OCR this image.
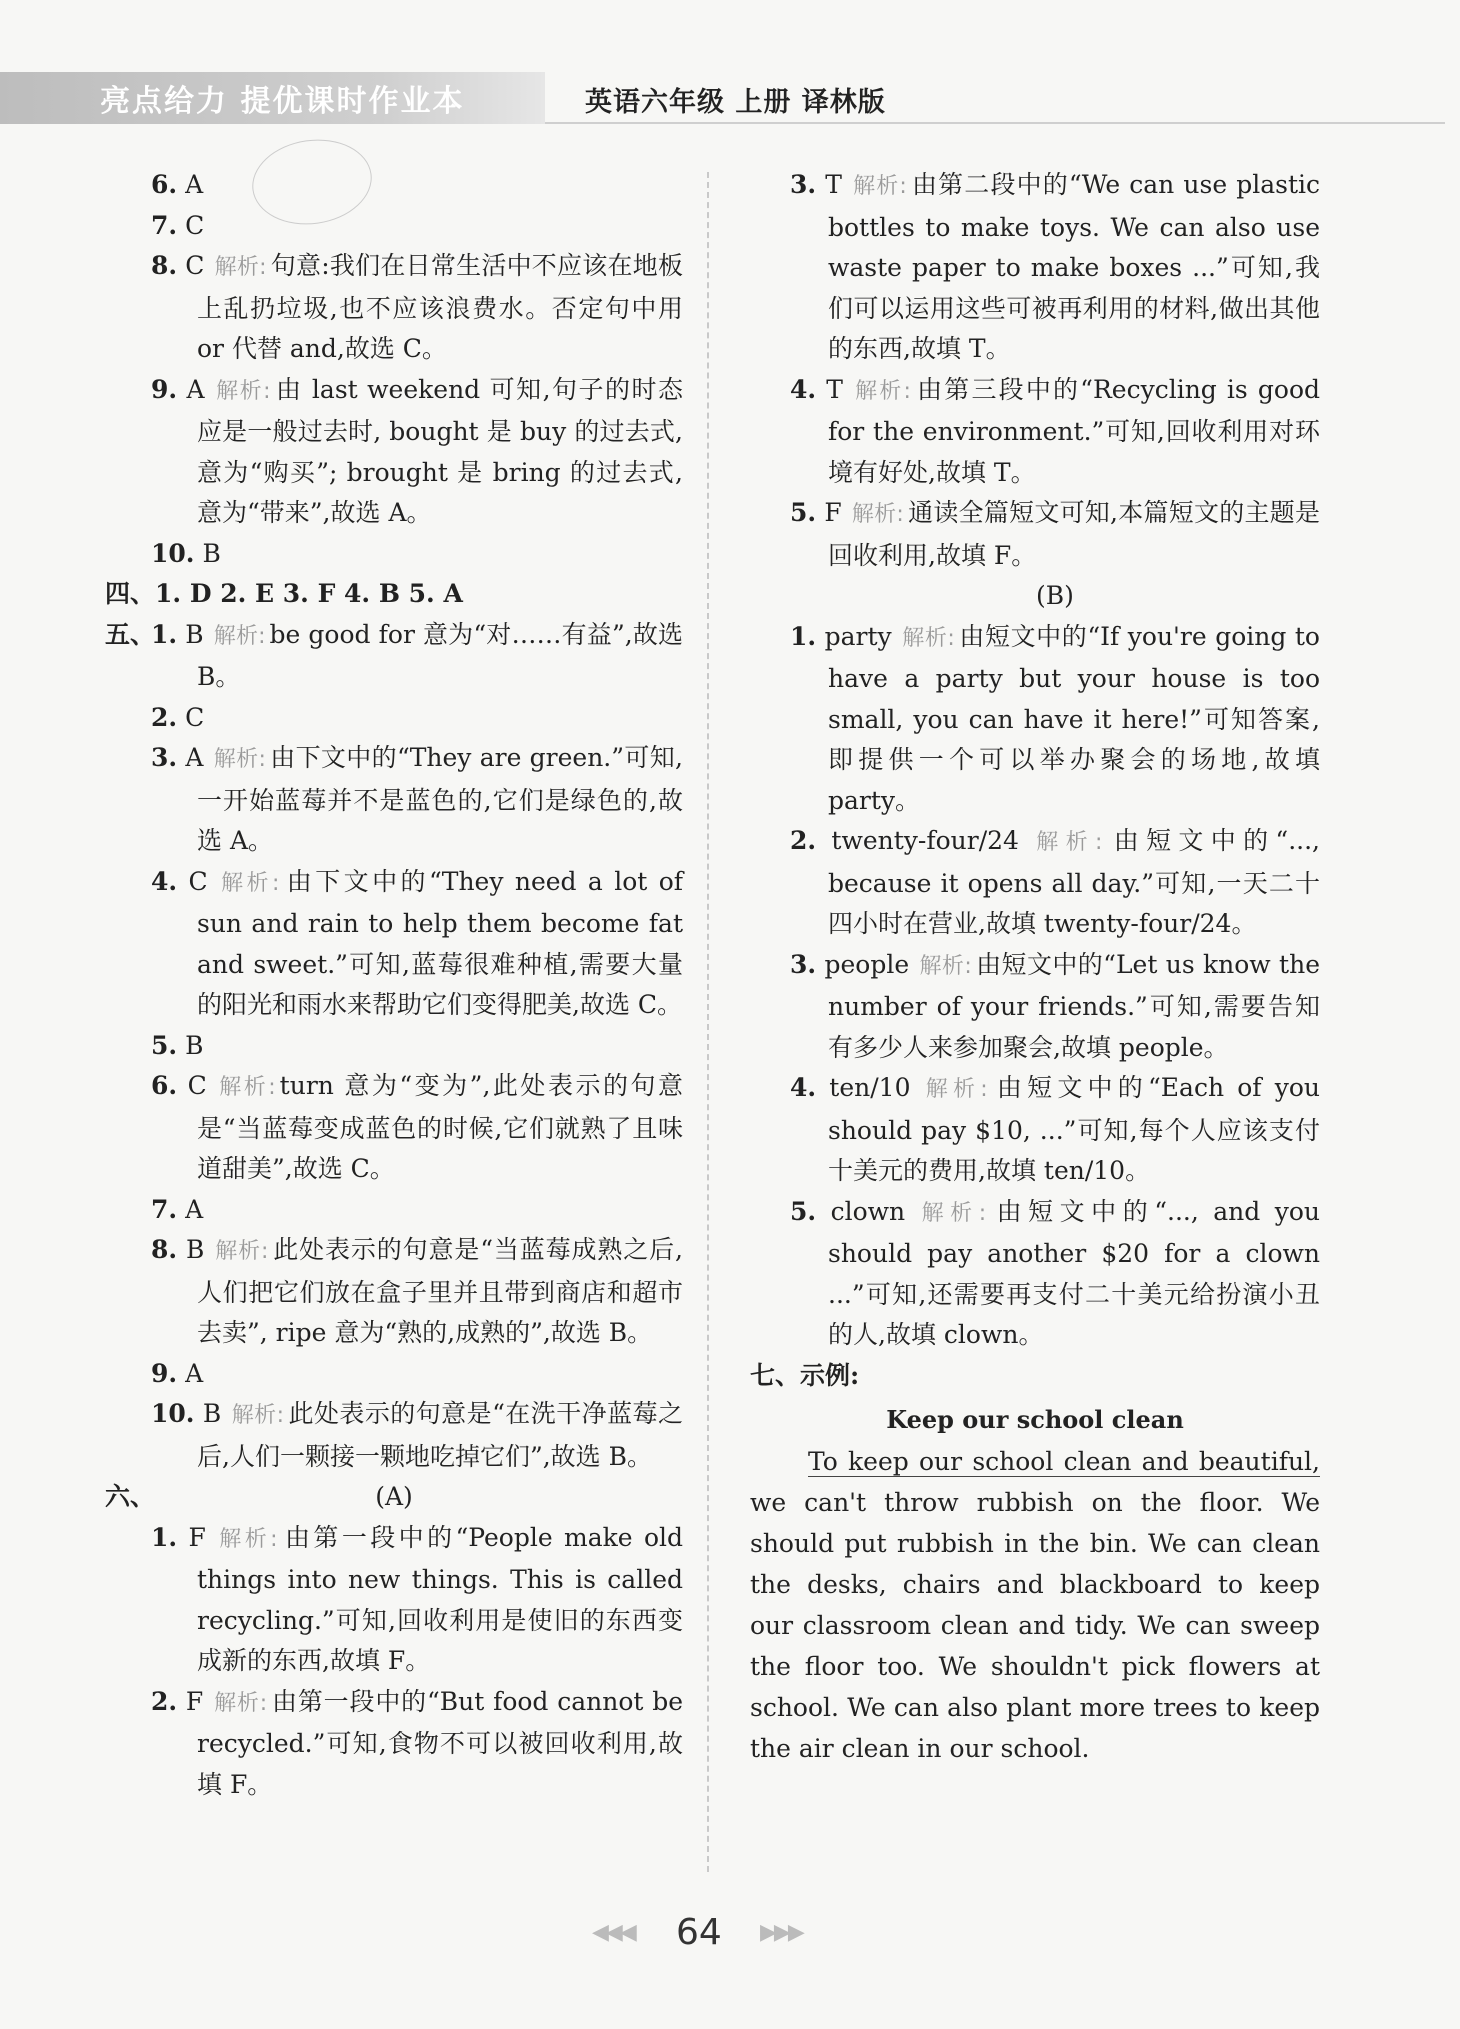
亮点给力 提优课时作业本	英语六年级 上册 译林版
6. A
7. C
8. C 解析: 句意:我们在日常生活中不应该在地板上乱扔垃圾,也不应该浪费水。否定句中用 or 代替 and,故选 C。
9. A 解析: 由 last weekend 可知,句子的时态应是一般过去时, bought 是 buy 的过去式,意为“购买”; brought 是 bring 的过去式,意为“带来”,故选 A。
10. B
四、1. D 2. E 3. F 4. B 5. A
五、
1. B 解析: be good for 意为“对……有益”,故选 B。
2. C
3. A 解析: 由下文中的“They are green.”可知,一开始蓝莓并不是蓝色的,它们是绿色的,故选 A。
4. C 解析: 由下文中的“They need a lot of sun and rain to help them become fat and sweet.”可知,蓝莓很难种植,需要大量的阳光和雨水来帮助它们变得肥美,故选 C。
5. B
6. C 解析: turn 意为“变为”,此处表示的句意是“当蓝莓变成蓝色的时候,它们就熟了且味道甜美”,故选 C。
7. A
8. B 解析: 此处表示的句意是“当蓝莓成熟之后,人们把它们放在盒子里并且带到商店和超市去卖”, ripe 意为“熟的,成熟的”,故选 B。
9. A
10. B 解析: 此处表示的句意是“在洗干净蓝莓之后,人们一颗接一颗地吃掉它们”,故选 B。
六、	(A)
1. F 解析: 由第一段中的“People make old things into new things. This is called recycling.”可知,回收利用是使旧的东西变成新的东西,故填 F。
2. F 解析: 由第一段中的“But food cannot be recycled.”可知,食物不可以被回收利用,故填 F。
3. T 解析: 由第二段中的“We can use plastic bottles to make toys. We can also use waste paper to make boxes ...”可知,我们可以运用这些可被再利用的材料,做出其他的东西,故填 T。
4. T 解析: 由第三段中的“Recycling is good for the environment.”可知,回收利用对环境有好处,故填 T。
5. F 解析: 通读全篇短文可知,本篇短文的主题是回收利用,故填 F。
(B)
1. party 解析: 由短文中的“If you're going to have a party but your house is too small, you can have it here!”可知答案,即提供一个可以举办聚会的场地,故填 party。
2. twenty-four/24 解析: 由短文中的“..., because it opens all day.”可知,一天二十四小时在营业,故填 twenty-four/24。
3. people 解析: 由短文中的“Let us know the number of your friends.”可知,需要告知有多少人来参加聚会,故填 people。
4. ten/10 解析: 由短文中的“Each of you should pay $10, ...”可知,每个人应该支付十美元的费用,故填 ten/10。
5. clown 解析: 由短文中的“..., and you should pay another $20 for a clown ...”可知,还需要再支付二十美元给扮演小丑的人,故填 clown。
七、示例:
Keep our school clean
To keep our school clean and beautiful, we can't throw rubbish on the floor. We should put rubbish in the bin. We can clean the desks, chairs and blackboard to keep our classroom clean and tidy. We can sweep the floor too. We shouldn't pick flowers at school. We can also plant more trees to keep the air clean in our school.
◀◀◀ 64 ▶▶▶
